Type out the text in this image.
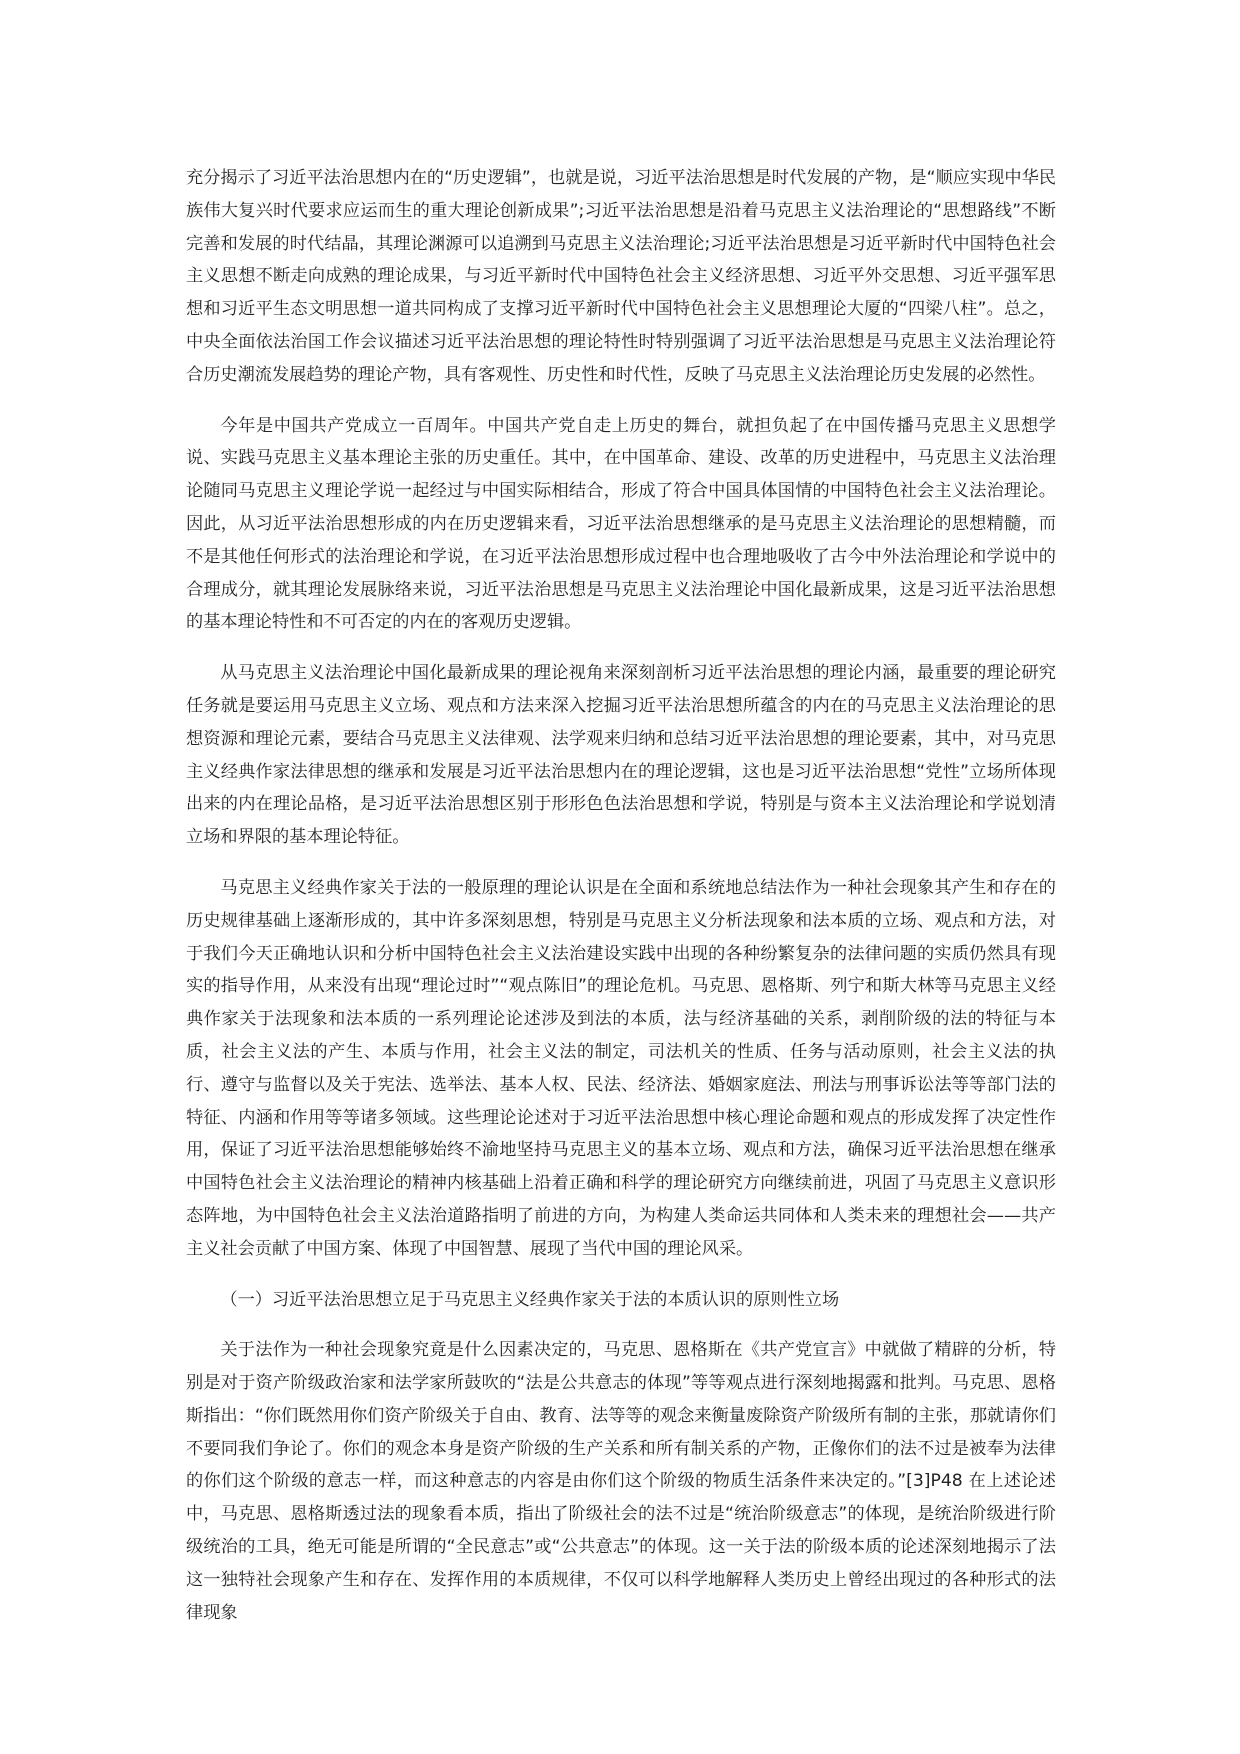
充分揭示了习近平法治思想内在的“历史逻辑”，也就是说，习近平法治思想是时代发展的产物，是“顺应实现中华民族伟大复兴时代要求应运而生的重大理论创新成果”;习近平法治思想是沿着马克思主义法治理论的“思想路线”不断完善和发展的时代结晶，其理论渊源可以追溯到马克思主义法治理论;习近平法治思想是习近平新时代中国特色社会主义思想不断走向成熟的理论成果，与习近平新时代中国特色社会主义经济思想、习近平外交思想、习近平强军思想和习近平生态文明思想一道共同构成了支撑习近平新时代中国特色社会主义思想理论大厦的“四梁八柱”。总之，中央全面依法治国工作会议描述习近平法治思想的理论特性时特别强调了习近平法治思想是马克思主义法治理论符合历史潮流发展趋势的理论产物，具有客观性、历史性和时代性，反映了马克思主义法治理论历史发展的必然性。

今年是中国共产党成立一百周年。中国共产党自走上历史的舞台，就担负起了在中国传播马克思主义思想学说、实践马克思主义基本理论主张的历史重任。其中，在中国革命、建设、改革的历史进程中，马克思主义法治理论随同马克思主义理论学说一起经过与中国实际相结合，形成了符合中国具体国情的中国特色社会主义法治理论。因此，从习近平法治思想形成的内在历史逻辑来看，习近平法治思想继承的是马克思主义法治理论的思想精髓，而不是其他任何形式的法治理论和学说，在习近平法治思想形成过程中也合理地吸收了古今中外法治理论和学说中的合理成分，就其理论发展脉络来说，习近平法治思想是马克思主义法治理论中国化最新成果，这是习近平法治思想的基本理论特性和不可否定的内在的客观历史逻辑。

从马克思主义法治理论中国化最新成果的理论视角来深刻剖析习近平法治思想的理论内涵，最重要的理论研究任务就是要运用马克思主义立场、观点和方法来深入挖掘习近平法治思想所蕴含的内在的马克思主义法治理论的思想资源和理论元素，要结合马克思主义法律观、法学观来归纳和总结习近平法治思想的理论要素，其中，对马克思主义经典作家法律思想的继承和发展是习近平法治思想内在的理论逻辑，这也是习近平法治思想“党性”立场所体现出来的内在理论品格，是习近平法治思想区别于形形色色法治思想和学说，特别是与资本主义法治理论和学说划清立场和界限的基本理论特征。

马克思主义经典作家关于法的一般原理的理论认识是在全面和系统地总结法作为一种社会现象其产生和存在的历史规律基础上逐渐形成的，其中许多深刻思想，特别是马克思主义分析法现象和法本质的立场、观点和方法，对于我们今天正确地认识和分析中国特色社会主义法治建设实践中出现的各种纷繁复杂的法律问题的实质仍然具有现实的指导作用，从来没有出现“理论过时”“观点陈旧”的理论危机。马克思、恩格斯、列宁和斯大林等马克思主义经典作家关于法现象和法本质的一系列理论论述涉及到法的本质，法与经济基础的关系，剥削阶级的法的特征与本质，社会主义法的产生、本质与作用，社会主义法的制定，司法机关的性质、任务与活动原则，社会主义法的执行、遵守与监督以及关于宪法、选举法、基本人权、民法、经济法、婚姻家庭法、刑法与刑事诉讼法等等部门法的特征、内涵和作用等等诸多领域。这些理论论述对于习近平法治思想中核心理论命题和观点的形成发挥了决定性作用，保证了习近平法治思想能够始终不渝地坚持马克思主义的基本立场、观点和方法，确保习近平法治思想在继承中国特色社会主义法治理论的精神内核基础上沿着正确和科学的理论研究方向继续前进，巩固了马克思主义意识形态阵地，为中国特色社会主义法治道路指明了前进的方向，为构建人类命运共同体和人类未来的理想社会——共产主义社会贡献了中国方案、体现了中国智慧、展现了当代中国的理论风采。

（一）习近平法治思想立足于马克思主义经典作家关于法的本质认识的原则性立场

关于法作为一种社会现象究竟是什么因素决定的，马克思、恩格斯在《共产党宣言》中就做了精辟的分析，特别是对于资产阶级政治家和法学家所鼓吹的“法是公共意志的体现”等等观点进行深刻地揭露和批判。马克思、恩格斯指出：“你们既然用你们资产阶级关于自由、教育、法等等的观念来衡量废除资产阶级所有制的主张，那就请你们不要同我们争论了。你们的观念本身是资产阶级的生产关系和所有制关系的产物，正像你们的法不过是被奉为法律的你们这个阶级的意志一样，而这种意志的内容是由你们这个阶级的物质生活条件来决定的。”[3]P48 在上述论述中，马克思、恩格斯透过法的现象看本质，指出了阶级社会的法不过是“统治阶级意志”的体现，是统治阶级进行阶级统治的工具，绝无可能是所谓的“全民意志”或“公共意志”的体现。这一关于法的阶级本质的论述深刻地揭示了法这一独特社会现象产生和存在、发挥作用的本质规律，不仅可以科学地解释人类历史上曾经出现过的各种形式的法律现象
